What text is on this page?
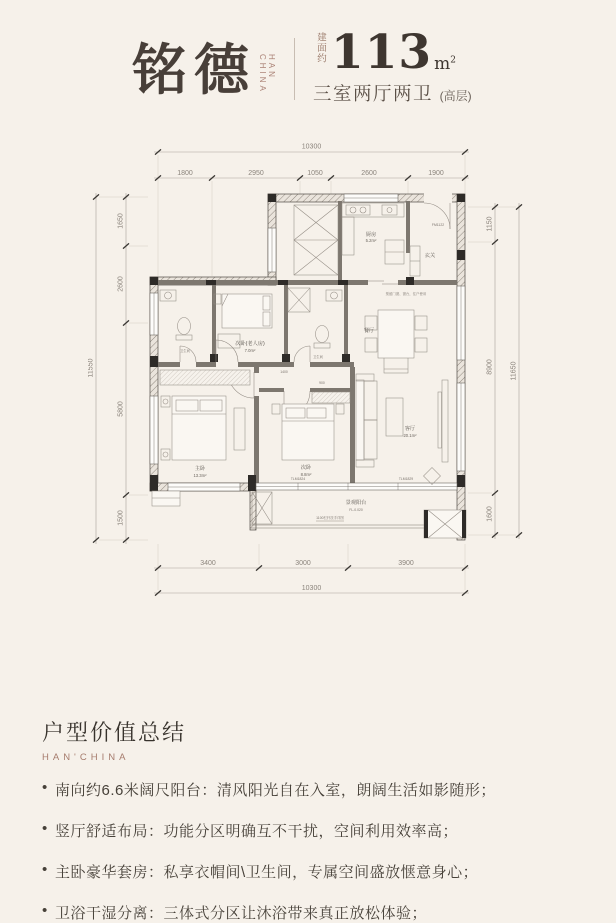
铭德	HAN CHINA
建面约 113 $m^2$
三室两厅两卫 (高层)
10300
1800	2950	1050	2600	1900
11550
1650
2600
5800
1500
1150
8900
1600
11650
3400	3000	3900
10300
厨房
5.2m²
玄关
餐厅
客厅
20.1m²
主卧
13.3m²
次卧
8.8m²
次卧(老人房)
7.0m²
卫生间
卫生间
景观阳台
FL-0.020
FM1122
预留门窗、窗台，住户使用
1100栏杆扶手详图
TLM1824	TLM1829
1400
900
户型价值总结
HAN'CHINA
• 南向约6.6米阔尺阳台：清风阳光自在入室，朗阔生活如影随形；
• 竖厅舒适布局：功能分区明确互不干扰，空间利用效率高；
• 主卧豪华套房：私享衣帽间\卫生间，专属空间盛放惬意身心；
• 卫浴干湿分离：三体式分区让沐浴带来真正放松体验；
